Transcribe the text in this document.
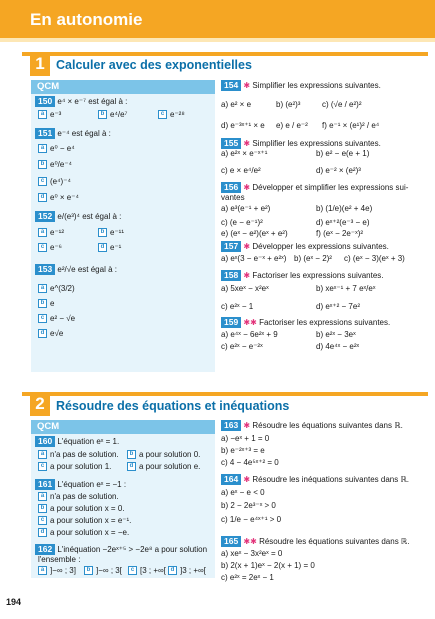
En autonomie
1 Calculer avec des exponentielles
QCM
150 e⁴ × e⁻⁷ est égal à :
a e⁻³	b e⁴/e⁷	c e⁻²⁸
151 e⁻⁴ est égal à :
a e⁰ − e⁴
b e⁰/e⁻⁴
c (e⁴)⁻⁴
d e⁰ × e⁻⁴
152 e/(e³)⁴ est égal à :
a e⁻¹²	b e⁻¹¹
c e⁻⁶	d e⁻¹
153 e²/√e est égal à :
a e^(3/2)
b e
c e² − √e
d e√e
154 ✱ Simplifier les expressions suivantes.
a) e² × e	b) (e²)³	c) (√e / e²)²
d) e⁻³ˣ⁺¹ × e e) e / e⁻² f) e⁻¹ × (e¹)² / e⁴
155 ✱ Simplifier les expressions suivantes.
a) e²ˣ × e⁻ˣ⁺¹	b) e² − e(e + 1)
c) e × e⁴/e²	d) e⁻² × (e²)³
156 ✱ Développer et simplifier les expressions sui-
vantes
a) e³(e⁻¹ + e²)	b) (1/e)(e² + 4e)
c) (e − e⁻¹)²	d) eˣ⁺²(e⁻³ − e)
e) (eˣ − e²)(eˣ + e²)	f) (eˣ − 2e⁻ˣ)²
157 ✱ Développer les expressions suivantes.
a) eˣ(3 − e⁻ˣ + e²ˣ) b) (eˣ − 2)² c) (eˣ − 3)(eˣ + 3)
158 ✱ Factoriser les expressions suivantes.
a) 5xeˣ − x²eˣ	b) xeˣ⁻¹ + 7 eˣ/eˣ
c) e²ˣ − 1	d) eˣ⁺² − 7e²
159 ✱✱ Factoriser les expressions suivantes.
a) e⁴ˣ − 6e²ˣ + 9	b) e²ˣ − 3eˣ
c) e²ˣ − e⁻²ˣ	d) 4e⁴ˣ − e²ˣ
2 Résoudre des équations et inéquations
QCM
160 L'équation eˣ = 1.
a n'a pas de solution.	b a pour solution 0.
c a pour solution 1.	d a pour solution e.
161 L'équation eˣ = −1 :
a n'a pas de solution.
b a pour solution x = 0.
c a pour solution x = e⁻¹.
d a pour solution x = −e.
162 L'inéquation −2eˣ⁺⁵ > −2e⁸ a pour solution
l'ensemble :
a ]−∞ ; 3]	b ]−∞ ; 3[	c [3 ; +∞[ d ]3 ; +∞[
163 ✱ Résoudre les équations suivantes dans ℝ.
a) −eˣ + 1 = 0
b) e⁻²ˣ⁺³ = e
c) 4 − 4e⁵ˣ⁺² = 0
164 ✱ Résoudre les inéquations suivantes dans ℝ.
a) eˣ − e < 0
b) 2 − 2e³⁻ˣ > 0
c) 1/e − e⁴ˣ⁺¹ > 0
165 ✱✱ Résoudre les équations suivantes dans ℝ.
a) xeˣ − 3x²eˣ = 0
b) 2(x + 1)eˣ − 2(x + 1) = 0
c) e²ˣ = 2eˣ − 1
194
